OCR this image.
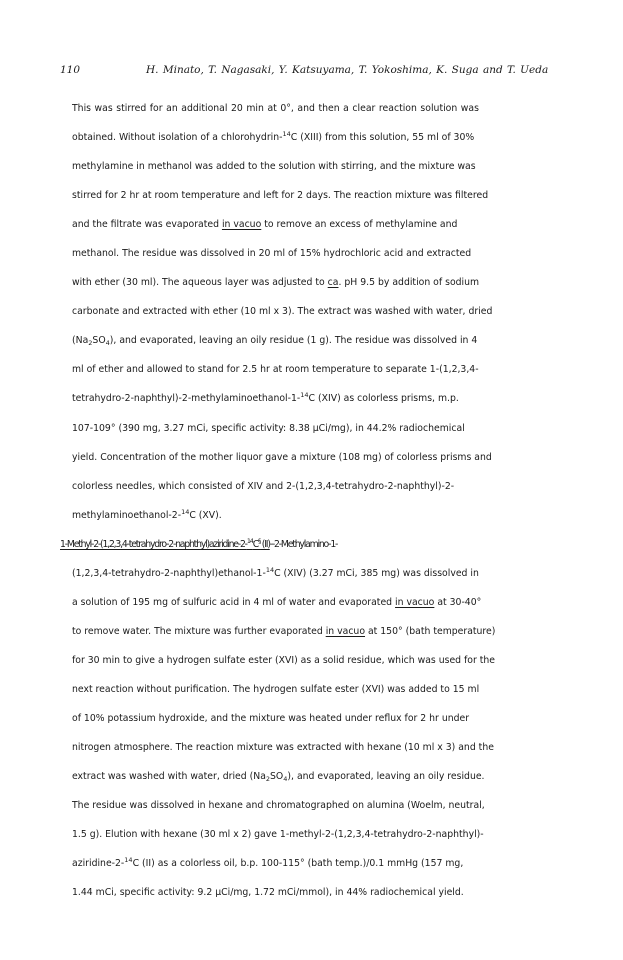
110	H. Minato, T. Nagasaki, Y. Katsuyama, T. Yokoshima, K. Suga and T. Ueda
This was stirred for an additional 20 min at 0°, and then a clear reaction solution was
obtained. Without isolation of a chlorohydrin-$^{14}$C (XIII) from this solution, 55 ml of 30%
methylamine in methanol was added to the solution with stirring, and the mixture was
stirred for 2 hr at room temperature and left for 2 days. The reaction mixture was filtered
and the filtrate was evaporated in vacuo to remove an excess of methylamine and
methanol. The residue was dissolved in 20 ml of 15% hydrochloric acid and extracted
with ether (30 ml). The aqueous layer was adjusted to ca. pH 9.5 by addition of sodium
carbonate and extracted with ether (10 ml x 3). The extract was washed with water, dried
$(Na_2SO_4)$, and evaporated, leaving an oily residue (1 g). The residue was dissolved in 4
ml of ether and allowed to stand for 2.5 hr at room temperature to separate 1-(1,2,3,4-
tetrahydro-2-naphthyl)-2-methylaminoethanol-1-$^{14}$C (XIV) as colorless prisms, m.p.
107-109° (390 mg, 3.27 mCi, specific activity: 8.38 µCi/mg), in 44.2% radiochemical
yield. Concentration of the mother liquor gave a mixture (108 mg) of colorless prisms and
colorless needles, which consisted of XIV and 2-(1,2,3,4-tetrahydro-2-naphthyl)-2-
methylaminoethanol-2-$^{14}$C (XV).
1-Methyl-2-(1,2,3,4-tetrahydro-2-naphthyl)aziridine-2-$^{14}$C§ (II)--2-Methylamino-1-
(1,2,3,4-tetrahydro-2-naphthyl)ethanol-1-$^{14}$C (XIV) (3.27 mCi, 385 mg) was dissolved in
a solution of 195 mg of sulfuric acid in 4 ml of water and evaporated in vacuo at 30-40°
to remove water. The mixture was further evaporated in vacuo at 150° (bath temperature)
for 30 min to give a hydrogen sulfate ester (XVI) as a solid residue, which was used for the
next reaction without purification. The hydrogen sulfate ester (XVI) was added to 15 ml
of 10% potassium hydroxide, and the mixture was heated under reflux for 2 hr under
nitrogen atmosphere. The reaction mixture was extracted with hexane (10 ml x 3) and the
extract was washed with water, dried $(Na_2SO_4)$, and evaporated, leaving an oily residue.
The residue was dissolved in hexane and chromatographed on alumina (Woelm, neutral,
1.5 g). Elution with hexane (30 ml x 2) gave 1-methyl-2-(1,2,3,4-tetrahydro-2-naphthyl)-
aziridine-2-$^{14}$C (II) as a colorless oil, b.p. 100-115° (bath temp.)/0.1 mmHg (157 mg,
1.44 mCi, specific activity: 9.2 µCi/mg, 1.72 mCi/mmol), in 44% radiochemical yield.
